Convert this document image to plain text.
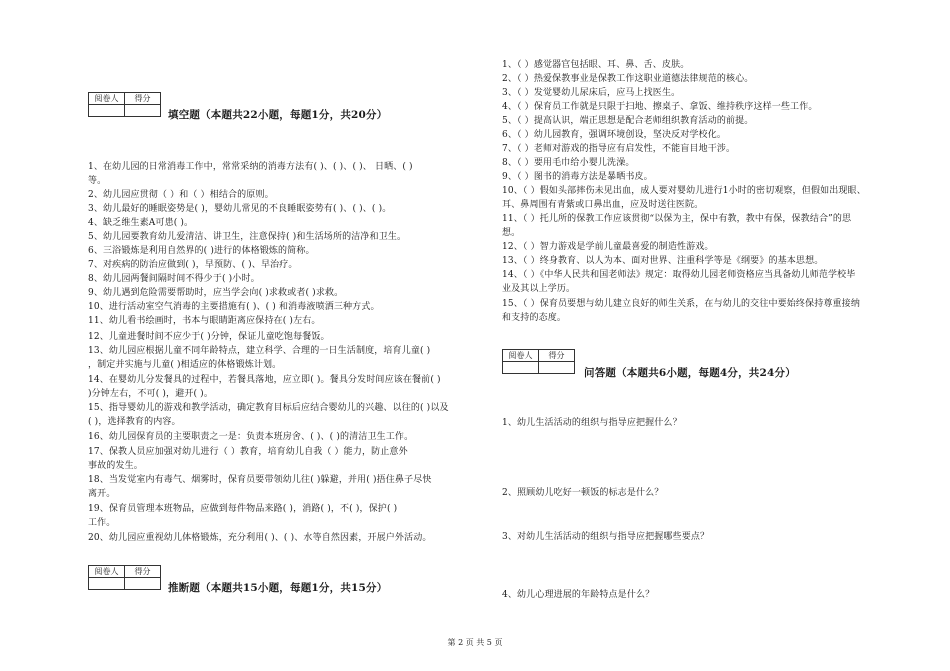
阅卷人	得分

填空题（本题共22小题，每题1分，共20分）
1、在幼儿园的日常消毒工作中，常常采纳的消毒方法有( )、( )、( )、 日晒、( )
等。
2、幼儿园应贯彻（ ）和（ ）相结合的原则。
3、幼儿最好的睡眠姿势是( )，婴幼儿常见的不良睡眠姿势有( )、( )、( )。
4、缺乏维生素A可患( )。
5、幼儿园要教育幼儿爱清洁、讲卫生，注意保持( )和生活场所的洁净和卫生。
6、三浴锻炼是利用自然界的( )进行的体格锻炼的简称。
7、对疾病的防治应做到( )，早预防、( )、早治疗。
8、幼儿园两餐间隔时间不得少于( )小时。
9、幼儿遇到危险需要帮助时，应当学会向( )求救或者( )求救。
10、进行活动室空气消毒的主要措施有( )、( ) 和消毒液喷洒三种方式。
11、幼儿看书绘画时，书本与眼睛距离应保持在( )左右。
12、儿童进餐时间不应少于( )分钟，保证儿童吃饱每餐饭。
13、幼儿园应根据儿童不同年龄特点，建立科学、合理的一日生活制度，培育儿童( )
，制定并实施与儿童( )相适应的体格锻炼计划。
14、在婴幼儿分发餐具的过程中，若餐具落地，应立即( )。餐具分发时间应该在餐前( )
)分钟左右，不可( )，避开( )。
15、指导婴幼儿的游戏和教学活动，确定教育目标后应结合婴幼儿的兴趣、以往的( )以及
( )，选择教育的内容。
16、幼儿园保育员的主要职责之一是：负责本班房舍、( )、( )的清洁卫生工作。
17、保教人员应加强对幼儿进行（ ）教育，培育幼儿自我（ ）能力，防止意外
事故的发生。
18、当发觉室内有毒气、烟雾时，保育员要带领幼儿往( )躲避，并用( )捂住鼻子尽快
离开。
19、保育员管理本班物品，应做到每件物品来路( )，消路( )，不( )，保护( )
工作。
20、幼儿园应重视幼儿体格锻炼，充分利用( )、( )、水等自然因素，开展户外活动。
阅卷人	得分

推断题（本题共15小题，每题1分，共15分）
1、（ ）感觉器官包括眼、耳、鼻、舌、皮肤。
2、（ ）热爱保教事业是保教工作这职业道德法律规范的核心。
3、（ ）发觉婴幼儿尿床后，应马上找医生。
4、（ ）保育员工作就是只限于扫地、擦桌子、拿饭、维持秩序这样一些工作。
5、（ ）提高认识，端正思想是配合老师组织教育活动的前提。
6、（ ）幼儿园教育，强调环境创设，坚决反对学校化。
7、（ ）老师对游戏的指导应有启发性，不能盲目地干涉。
8、（ ）要用毛巾给小婴儿洗澡。
9、（ ）图书的消毒方法是暴晒书皮。
10、（ ）假如头部摔伤未见出血，成人要对婴幼儿进行1小时的密切观察，但假如出现眼、
耳、鼻周围有青紫或口鼻出血，应及时送往医院。
11、（ ）托儿所的保教工作应该贯彻“以保为主，保中有教，教中有保，保教结合”的思
想。
12、（ ）智力游戏是学前儿童最喜爱的制造性游戏。
13、（ ）终身教育、以人为本、面对世界、注重科学等是《纲要》的基本思想。
14、（ ）《中华人民共和国老师法》规定：取得幼儿园老师资格应当具备幼儿师范学校毕
业及其以上学历。
15、（ ）保育员要想与幼儿建立良好的师生关系，在与幼儿的交往中要始终保持尊重接纳
和支持的态度。
阅卷人	得分

问答题（本题共6小题，每题4分，共24分）
1、幼儿生活活动的组织与指导应把握什么？
2、照顾幼儿吃好一顿饭的标志是什么？
3、对幼儿生活活动的组织与指导应把握哪些要点？
4、幼儿心理进展的年龄特点是什么？
第 2 页 共 5 页
